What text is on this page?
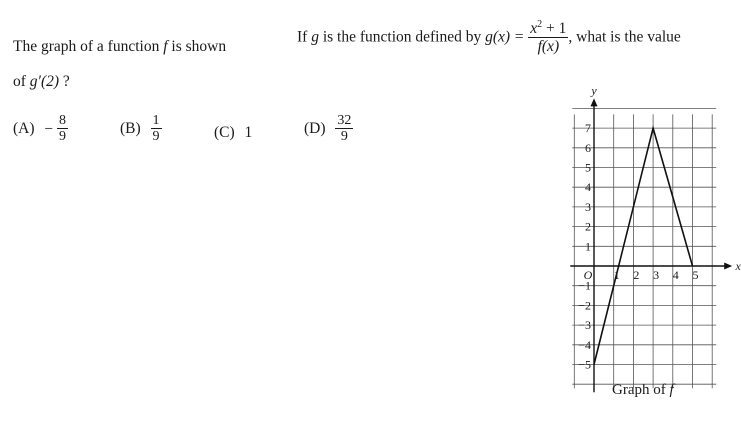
The graph of a function f is shown
If g is the function defined by $g(x) = \frac{x^2 + 1}{f(x)}$ , what is the value
of g′(2) ?
$(A) - \frac{8}{9}$	$(B) \frac{1}{9}$	(C) 1	$(D) \frac{32}{9}$
x
y
O 1 2 3 4 5
7
6
5
4
3
2
1
−1
−2
−3
−4
−5
Graph of f
